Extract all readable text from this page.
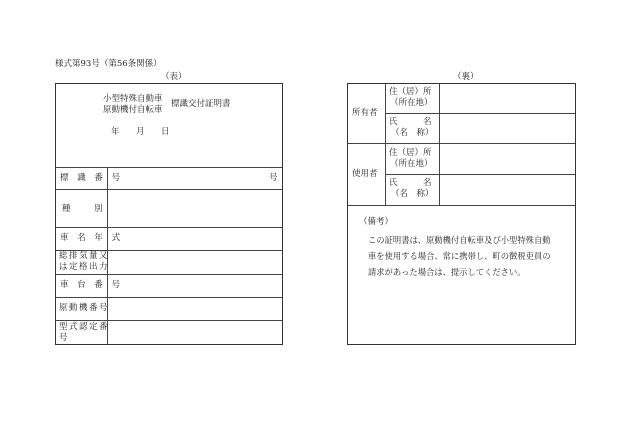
様式第93号（第56条関係）
（表）
小型特殊自動車
原動機付自転車
標識交付証明書
年 月 日
標 識 番 号	号
種	別
車 名 年 式
総排気量又
は定格出力
車 台 番 号
原動機番号
型式認定番
号
（裏）
所有者
住（居）所
（所在地）
氏　　　名
（名　称）
使用者
住（居）所
（所在地）
氏　　　名
（名　称）
（備考）
この証明書は、原動機付自転車及び小型特殊自動
車を使用する場合、常に携帯し、町の徴税吏員の
請求があった場合は、提示してください。
